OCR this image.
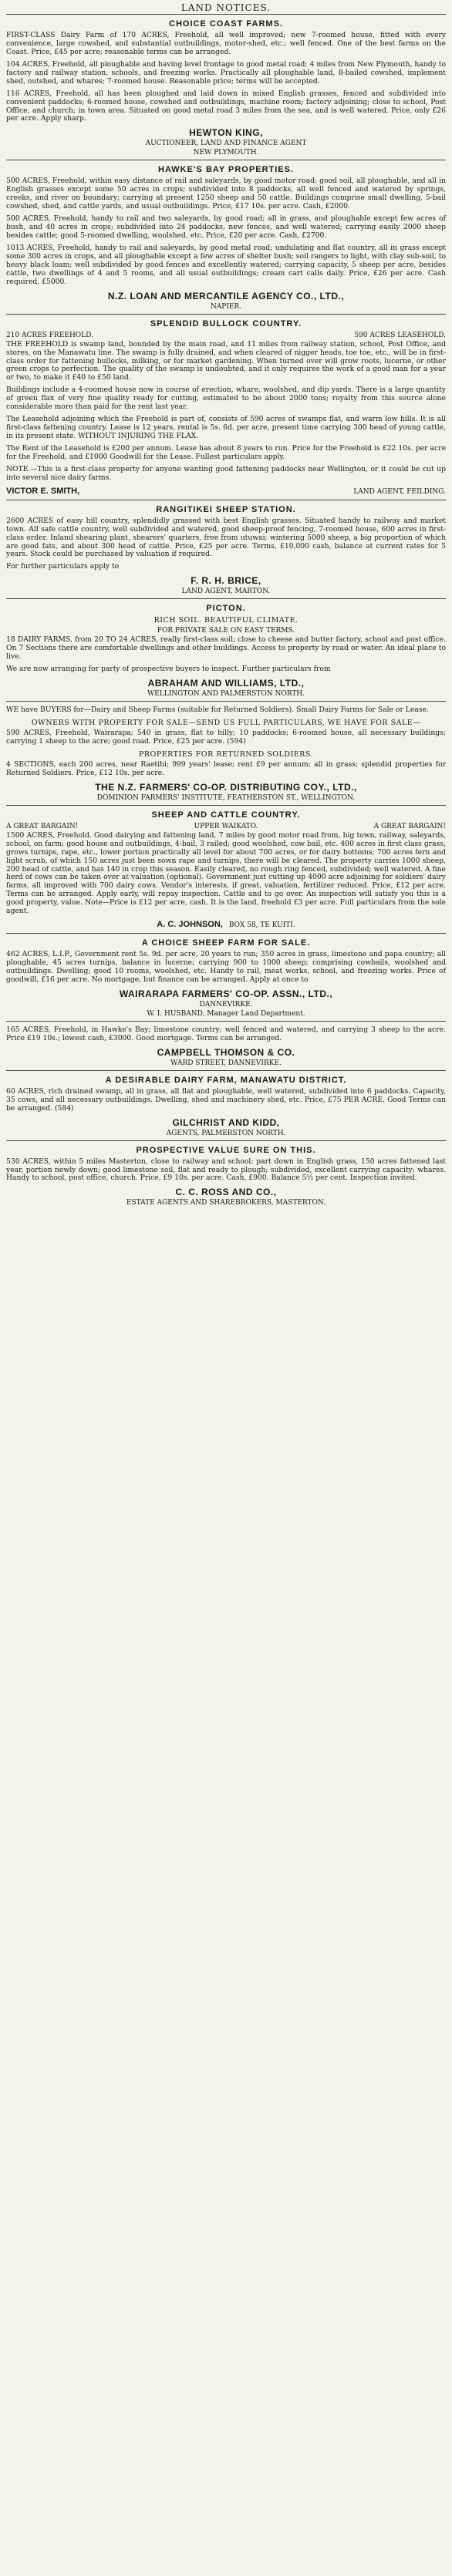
LAND NOTICES.
CHOICE COAST FARMS.

FIRST-CLASS Dairy Farm of 170 ACRES, Freehold, all well improved; new 7-roomed house, fitted with every convenience, large cowshed, and substantial outbuildings, motor-shed, etc.; well fenced. One of the best farms on the Coast. Price, £45 per acre; reasonable terms can be arranged.

104 ACRES, Freehold, all ploughable and having level frontage to good metal road; 4 miles from New Plymouth, handy to factory and railway station, schools, and freezing works. Practically all ploughable land, 8-bailed cowshed, implement shed, outshed, and whares; 7-roomed house. Reasonable price; terms will be accepted.

116 ACRES, Freehold, all has been ploughed and laid down in mixed English grasses, fenced and subdivided into convenient paddocks; 6-roomed house, cowshed and outbuildings, machine room; factory adjoining; close to school, Post Office, and church; in town area. Situated on good metal road 3 miles from the sea, and is well watered. Price, only £26 per acre. Apply sharp.

HEWTON KING,
AUCTIONEER, LAND AND FINANCE AGENT
NEW PLYMOUTH.
HAWKE'S BAY PROPERTIES.

500 ACRES, Freehold, within easy distance of rail and saleyards, by good motor road; good soil, all ploughable, and all in English grasses except some 50 acres in crops; subdivided into 8 paddocks, all well fenced and watered by springs, creeks, and river on boundary; carrying at present 1250 sheep and 50 cattle. Buildings comprise small dwelling, 5-bail cowshed, shed, and cattle yards, and usual outbuildings. Price, £17 10s. per acre. Cash, £2000.

500 ACRES, Freehold, handy to rail and two saleyards, by good road; all in grass, and ploughable except few acres of bush, and 40 acres in crops; subdivided into 24 paddocks, new fences, and well watered; carrying easily 2000 sheep besides cattle; good 5-roomed dwelling, woolshed, etc. Price, £20 per acre. Cash, £2700.

1013 ACRES, Freehold, handy to rail and saleyards, by good metal road; undulating and flat country, all in grass except some 300 acres in crops, and all ploughable except a few acres of shelter bush; soil rangers to light, with clay sub-soil, to heavy black loam; well subdivided by good fences and excellently watered; carrying capacity, 5 sheep per acre, besides cattle, two dwellings of 4 and 5 rooms, and all usual outbuildings; cream cart calls daily. Price, £26 per acre. Cash required, £5000.

N.Z. LOAN AND MERCANTILE AGENCY CO., LTD.,
NAPIER.
SPLENDID BULLOCK COUNTRY.
210 ACRES FREEHOLD.	590 ACRES LEASEHOLD.

THE FREEHOLD is swamp land, bounded by the main road, and 11 miles from railway station, school, Post Office, and stores, on the Manawatu line. The swamp is fully drained, and when cleared of nigger heads, toe toe, etc., will be in first-class order for fattening bullocks, milking, or for market gardening. When turned over will grow roots, lucerne, or other green crops to perfection. The quality of the swamp is undoubted, and it only requires the work of a good man for a year or two, to make it £40 to £50 land.

Buildings include a 4-roomed house now in course of erection, whare, woolshed, and dip yards. There is a large quantity of green flax of very fine quality ready for cutting, estimated to be about 2000 tons; royalty from this source alone considerable more than paid for the rent last year.

The Leasehold adjoining which the Freehold is part of, consists of 590 acres of swamps flat, and warm low hills. It is all first-class fattening country. Lease is 12 years, rental is 5s. 6d. per acre, present time carrying 300 head of young cattle, in its present state. WITHOUT INJURING THE FLAX.

The Rent of the Leasehold is £200 per annum. Lease has about 8 years to run. Price for the Freehold is £22 10s. per acre for the Freehold, and £1000 Goodwill for the Lease. Fullest particulars apply.

NOTE.—This is a first-class property for anyone wanting good fattening paddocks near Wellington, or it could be cut up into several nice dairy farms.

VICTOR E. SMITH,	LAND AGENT, FEILDING.
RANGITIKEI SHEEP STATION.

2600 ACRES of easy hill country, splendidly grassed with best English grasses. Situated handy to railway and market town. All safe cattle country, well subdivided and watered, good sheep-proof fencing, 7-roomed house, 600 acres in first-class order. Inland shearing plant, shearers' quarters, free from utuwai; wintering 5000 sheep, a big proportion of which are good fats, and about 300 head of cattle. Price, £25 per acre. Terms, £10,000 cash, balance at current rates for 5 years. Stock could be purchased by valuation if required.

For further particulars apply to

F. R. H. BRICE,
LAND AGENT, MARTON.
PICTON.
RICH SOIL. BEAUTIFUL CLIMATE.
FOR PRIVATE SALE ON EASY TERMS.

18 DAIRY FARMS, from 20 TO 24 ACRES, really first-class soil; close to cheese and butter factory, school and post office. On 7 Sections there are comfortable dwellings and other buildings. Access to property by road or water. An ideal place to live.

We are now arranging for party of prospective buyers to inspect. Further particulars from

ABRAHAM AND WILLIAMS, LTD.,
WELLINGTON AND PALMERSTON NORTH.

WE have BUYERS for—Dairy and Sheep Farms (suitable for Returned Soldiers). Small Dairy Farms for Sale or Lease.

OWNERS WITH PROPERTY FOR SALE—SEND US FULL PARTICULARS, WE HAVE FOR SALE—

590 ACRES, Freehold, Wairarapa; 540 in grass, flat to hilly; 10 paddocks; 6-roomed house, all necessary buildings; carrying 1 sheep to the acre; good road. Price, £25 per acre. (594)

PROPERTIES FOR RETURNED SOLDIERS.

4 SECTIONS, each 200 acres, near Raetihi; 999 years' lease; rent £9 per annum; all in grass; splendid properties for Returned Soldiers. Price, £12 10s. per acre.

THE N.Z. FARMERS' CO-OP. DISTRIBUTING COY., LTD.,
DOMINION FARMERS' INSTITUTE, FEATHERSTON ST., WELLINGTON.
SHEEP AND CATTLE COUNTRY.
A GREAT BARGAIN!	UPPER WAIKATO.	A GREAT BARGAIN!

1500 ACRES, Freehold. Good dairying and fattening land, 7 miles by good motor road from, big town, railway, saleyards, school, on farm; good house and outbuildings, 4-bail, 3 railed; good woolshed, cow bail, etc. 400 acres in first class grass, grows turnips, rape, etc., lower portion practically all level for about 700 acres, or for dairy bottoms; 700 acres fern and light scrub, of which 150 acres just been sown rape and turnips, there will be cleared. The property carries 1000 sheep, 200 head of cattle, and has 140 in crop this season. Easily cleared, no rough ring fenced, subdivided; well watered. A fine herd of cows can be taken over at valuation (optional). Government just cutting up 4000 acre adjoining for soldiers' dairy farms, all improved with 700 dairy cows. Vendor's interests, if great, valuation, fertilizer reduced. Price, £12 per acre. Terms can be arranged. Apply early, will repay inspection. Cattle and to go over. An inspection will satisfy you this is a good property, value. Note—Price is £12 per acre, cash. It is the land, freehold £3 per acre. Full particulars from the sole agent.

A. C. JOHNSON, BOX 58, TE KUITI.
A CHOICE SHEEP FARM FOR SALE.

462 ACRES, L.I.P., Government rent 5s. 9d. per acre, 20 years to run; 350 acres in grass, limestone and papa country; all ploughable, 45 acres turnips, balance in lucerne; carrying 900 to 1000 sheep; comprising cowbails, woolshed and outbuildings. Dwelling; good 10 rooms, woolshed, etc. Handy to rail, meat works, school, and freezing works. Price of goodwill, £16 per acre. No mortgage, but finance can be arranged. Apply at once to

WAIRARAPA FARMERS' CO-OP. ASSN., LTD.,
DANNEVIRKE.
W. I. HUSBAND, Manager Land Department.

165 ACRES, Freehold, in Hawke's Bay; limestone country; well fenced and watered, and carrying 3 sheep to the acre. Price £19 10s.; lowest cash, £3000. Good mortgage. Terms can be arranged.

CAMPBELL THOMSON & CO.
WARD STREET, DANNEVIRKE.
A DESIRABLE DAIRY FARM, MANAWATU DISTRICT.

60 ACRES, rich drained swamp, all in grass, all flat and ploughable, well watered, subdivided into 6 paddocks. Capacity, 35 cows, and all necessary outbuildings. Dwelling, shed and machinery shed, etc. Price, £75 PER ACRE. Good Terms can be arranged. (584)

GILCHRIST AND KIDD,
AGENTS, PALMERSTON NORTH.
PROSPECTIVE VALUE SURE ON THIS.

530 ACRES, within 5 miles Masterton, close to railway and school; part down in English grass, 150 acres fattened last year, portion newly down; good limestone soil, flat and ready to plough; subdivided, excellent carrying capacity; whares. Handy to school, post office, church. Price, £9 10s. per acre. Cash, £900. Balance 5½ per cent. Inspection invited.

C. C. ROSS AND CO.,
ESTATE AGENTS AND SHAREBROKERS, MASTERTON.
